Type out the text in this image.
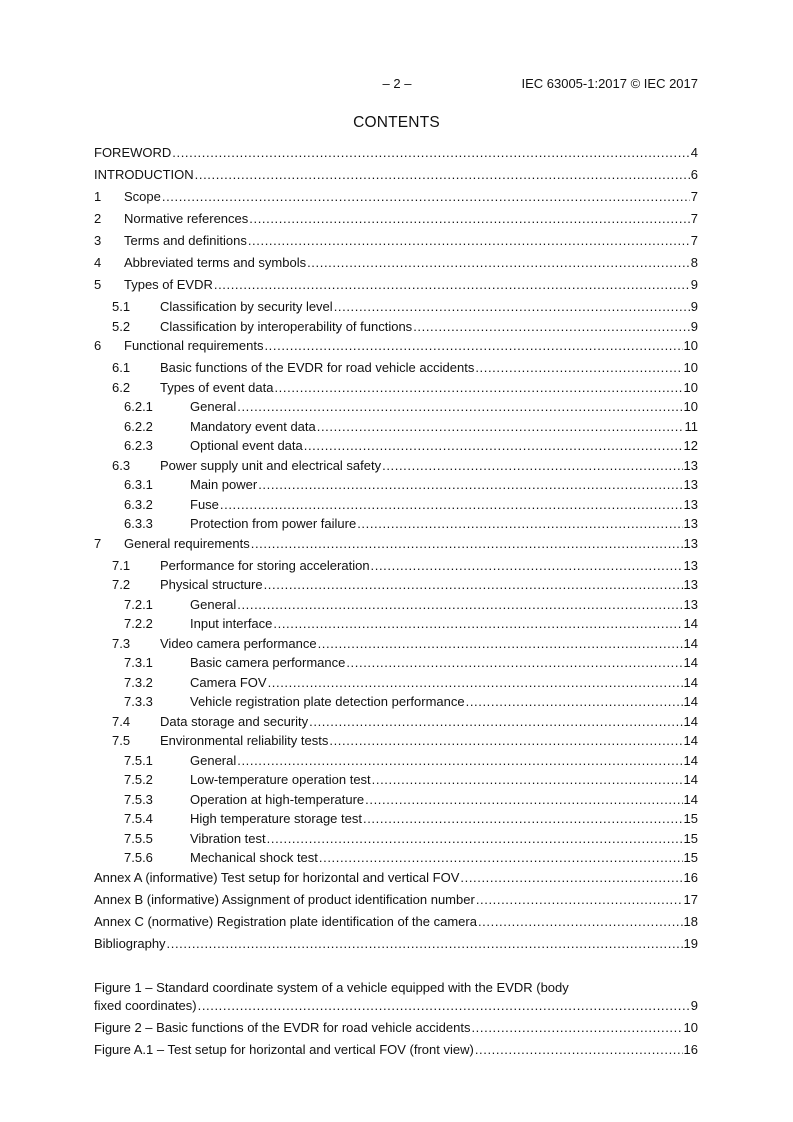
– 2 –	IEC 63005-1:2017 © IEC 2017
CONTENTS
FOREWORD .....	4
INTRODUCTION .....	6
1	Scope .....	7
2	Normative references .....	7
3	Terms and definitions .....	7
4	Abbreviated terms and symbols .....	8
5	Types of EVDR .....	9
5.1	Classification by security level .....	9
5.2	Classification by interoperability of functions .....	9
6	Functional requirements .....	10
6.1	Basic functions of the EVDR for road vehicle accidents .....	10
6.2	Types of event data .....	10
6.2.1	General .....	10
6.2.2	Mandatory event data .....	11
6.2.3	Optional event data .....	12
6.3	Power supply unit and electrical safety .....	13
6.3.1	Main power .....	13
6.3.2	Fuse .....	13
6.3.3	Protection from power failure .....	13
7	General requirements .....	13
7.1	Performance for storing acceleration .....	13
7.2	Physical structure .....	13
7.2.1	General .....	13
7.2.2	Input interface .....	14
7.3	Video camera performance .....	14
7.3.1	Basic camera performance .....	14
7.3.2	Camera FOV .....	14
7.3.3	Vehicle registration plate detection performance .....	14
7.4	Data storage and security .....	14
7.5	Environmental reliability tests .....	14
7.5.1	General .....	14
7.5.2	Low-temperature operation test .....	14
7.5.3	Operation at high-temperature .....	14
7.5.4	High temperature storage test .....	15
7.5.5	Vibration test .....	15
7.5.6	Mechanical shock test .....	15
Annex A (informative) Test setup for horizontal and vertical FOV .....	16
Annex B (informative) Assignment of product identification number .....	17
Annex C (normative) Registration plate identification of the camera .....	18
Bibliography .....	19
Figure 1 – Standard coordinate system of a vehicle equipped with the EVDR (body
fixed coordinates) .....	9
Figure 2 – Basic functions of the EVDR for road vehicle accidents .....	10
Figure A.1 – Test setup for horizontal and vertical FOV (front view) .....	16
